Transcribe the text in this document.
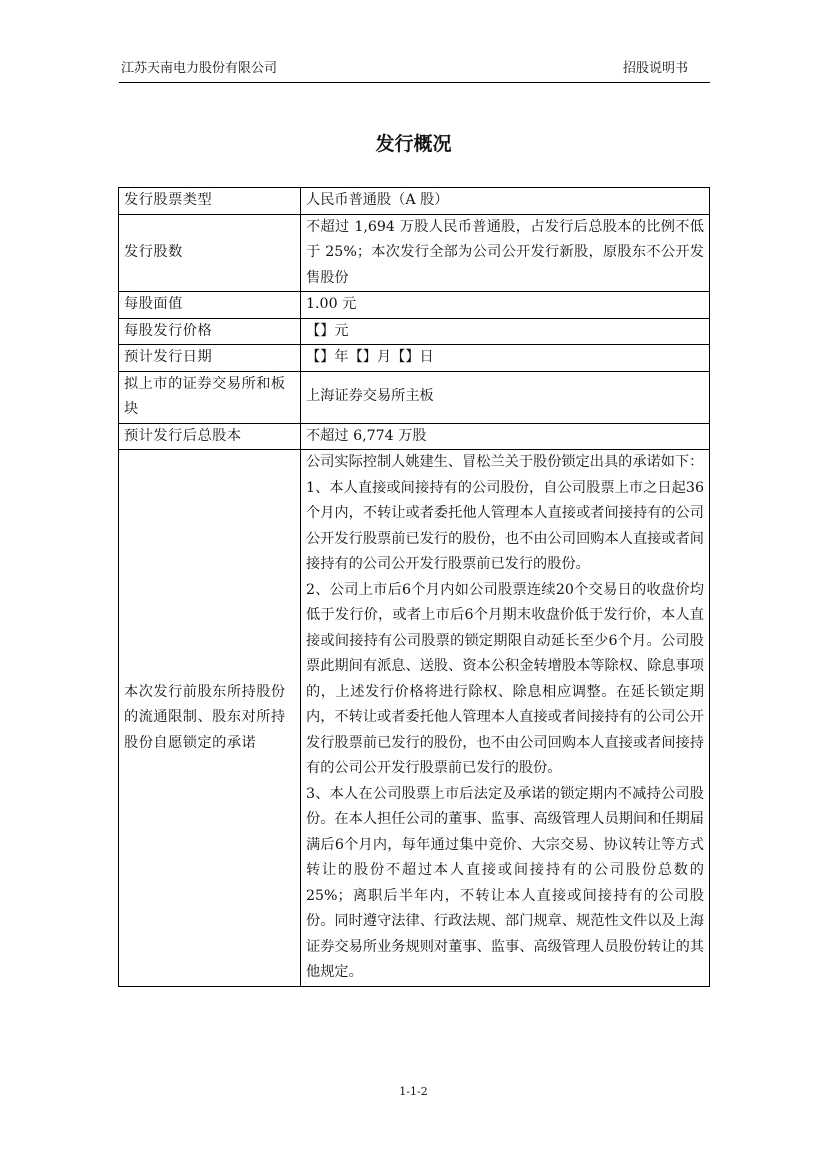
江苏天南电力股份有限公司	招股说明书
发行概况
发行股票类型	人民币普通股（A 股）
发行股数	不超过 1,694 万股人民币普通股，占发行后总股本的比例不低于 25%；本次发行全部为公司公开发行新股，原股东不公开发售股份
每股面值	1.00 元
每股发行价格	【】元
预计发行日期	【】年【】月【】日
拟上市的证券交易所和板块	上海证券交易所主板
预计发行后总股本	不超过 6,774 万股
本次发行前股东所持股份的流通限制、股东对所持股份自愿锁定的承诺	公司实际控制人姚建生、冒松兰关于股份锁定出具的承诺如下：
1、本人直接或间接持有的公司股份，自公司股票上市之日起36个月内，不转让或者委托他人管理本人直接或者间接持有的公司公开发行股票前已发行的股份，也不由公司回购本人直接或者间接持有的公司公开发行股票前已发行的股份。
2、公司上市后6个月内如公司股票连续20个交易日的收盘价均低于发行价，或者上市后6个月期末收盘价低于发行价，本人直接或间接持有公司股票的锁定期限自动延长至少6个月。公司股票此期间有派息、送股、资本公积金转增股本等除权、除息事项的，上述发行价格将进行除权、除息相应调整。在延长锁定期内，不转让或者委托他人管理本人直接或者间接持有的公司公开发行股票前已发行的股份，也不由公司回购本人直接或者间接持有的公司公开发行股票前已发行的股份。
3、本人在公司股票上市后法定及承诺的锁定期内不减持公司股份。在本人担任公司的董事、监事、高级管理人员期间和任期届满后6个月内，每年通过集中竞价、大宗交易、协议转让等方式转让的股份不超过本人直接或间接持有的公司股份总数的25%；离职后半年内，不转让本人直接或间接持有的公司股份。同时遵守法律、行政法规、部门规章、规范性文件以及上海证券交易所业务规则对董事、监事、高级管理人员股份转让的其他规定。
1-1-2
